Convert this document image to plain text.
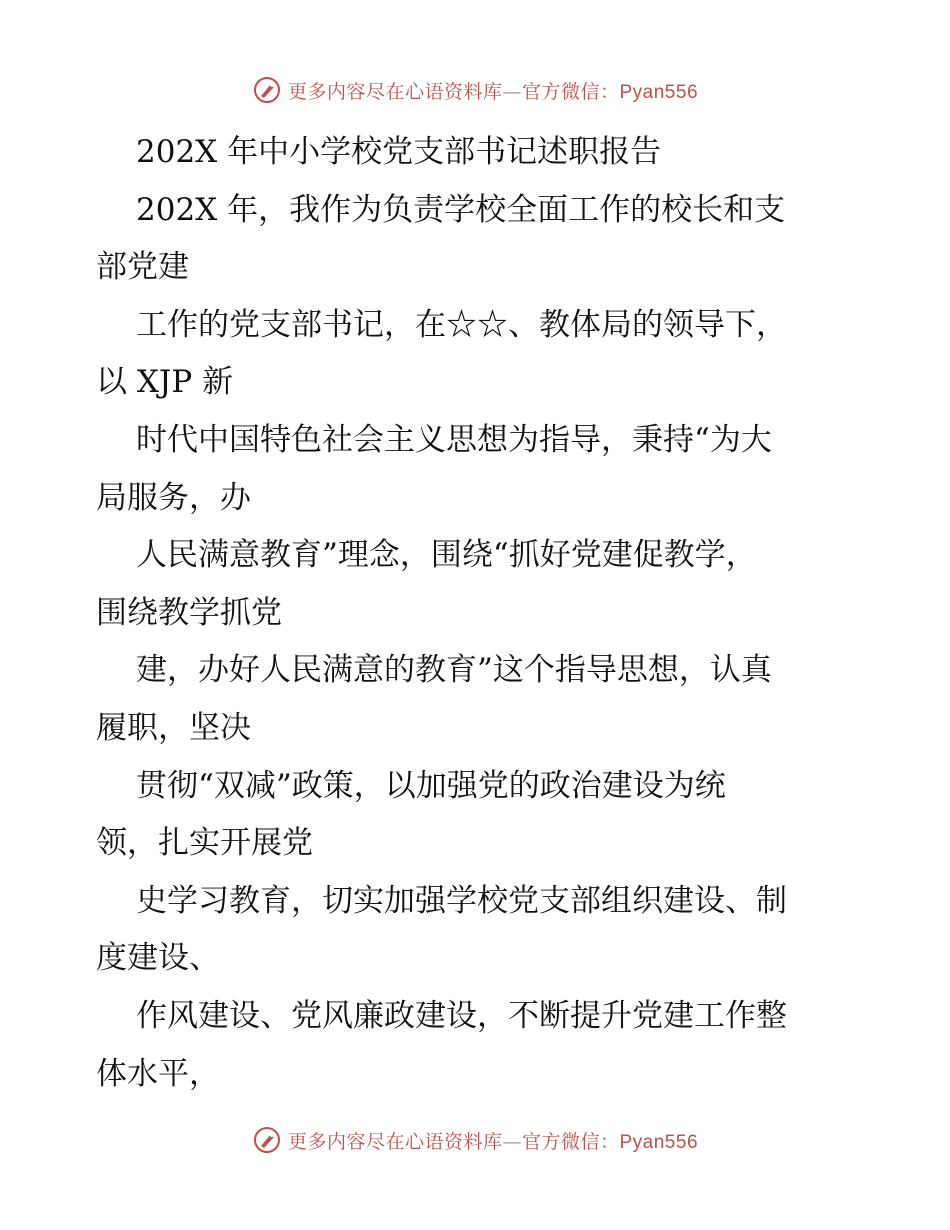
更多内容尽在心语资料库—官方微信：Pyan556
202X 年中小学校党支部书记述职报告
202X 年，我作为负责学校全面工作的校长和支
部党建
工作的党支部书记，在☆☆、教体局的领导下，
以 XJP 新
时代中国特色社会主义思想为指导，秉持“为大
局服务，办
人民满意教育”理念，围绕“抓好党建促教学，
围绕教学抓党
建，办好人民满意的教育”这个指导思想，认真
履职，坚决
贯彻“双减”政策，以加强党的政治建设为统
领，扎实开展党
史学习教育，切实加强学校党支部组织建设、制
度建设、
作风建设、党风廉政建设，不断提升党建工作整
体水平，
更多内容尽在心语资料库—官方微信：Pyan556
